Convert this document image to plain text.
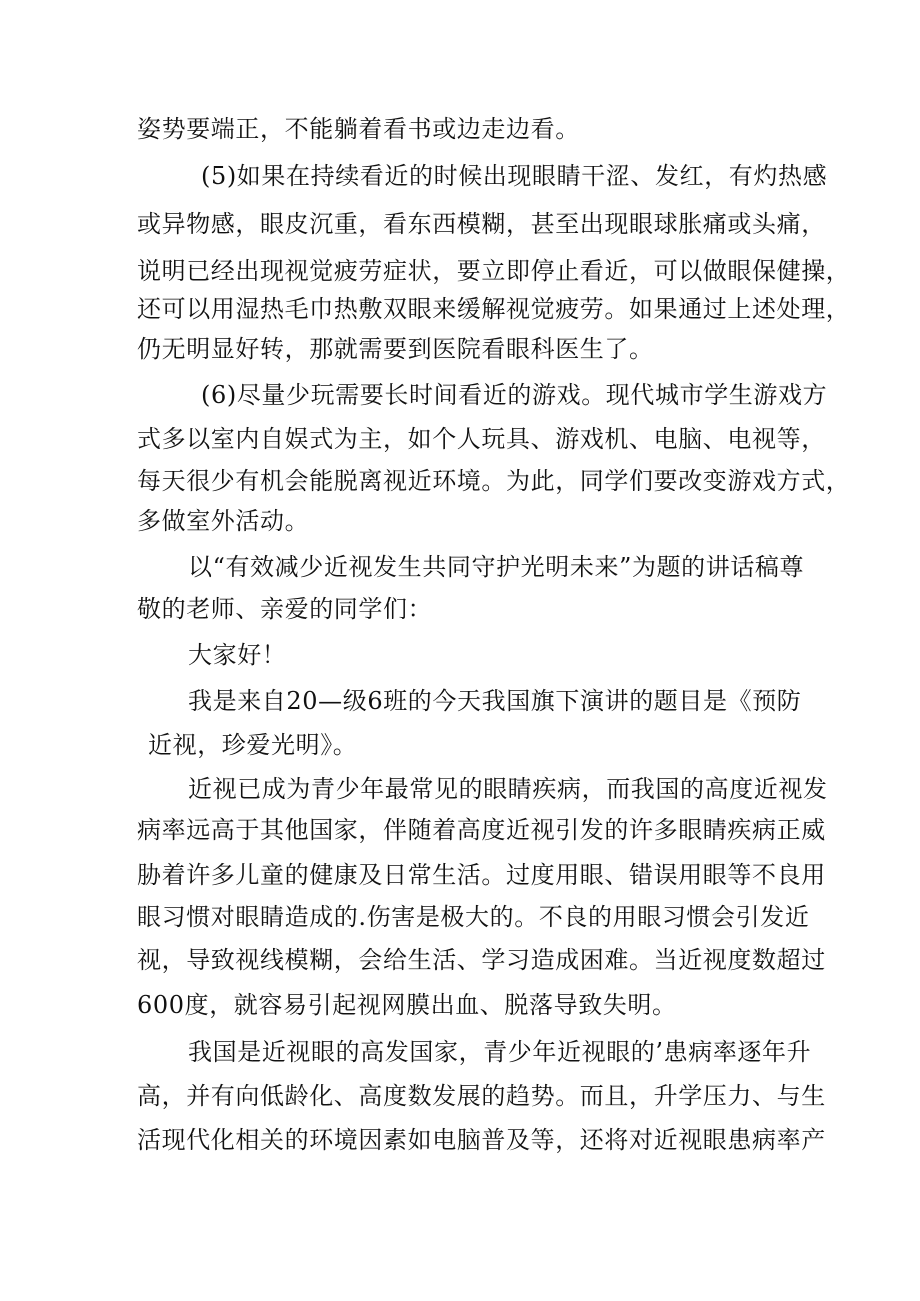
姿势要端正，不能躺着看书或边走边看。
(5)如果在持续看近的时候出现眼睛干涩、发红，有灼热感
或异物感，眼皮沉重，看东西模糊，甚至出现眼球胀痛或头痛，
说明已经出现视觉疲劳症状，要立即停止看近，可以做眼保健操，
还可以用湿热毛巾热敷双眼来缓解视觉疲劳。如果通过上述处理，
仍无明显好转，那就需要到医院看眼科医生了。
(6)尽量少玩需要长时间看近的游戏。现代城市学生游戏方
式多以室内自娱式为主，如个人玩具、游戏机、电脑、电视等，
每天很少有机会能脱离视近环境。为此，同学们要改变游戏方式，
多做室外活动。
以“有效减少近视发生共同守护光明未来”为题的讲话稿尊
敬的老师、亲爱的同学们：
大家好！
我是来自20—级6班的今天我国旗下演讲的题目是《预防
近视，珍爱光明》。
近视已成为青少年最常见的眼睛疾病，而我国的高度近视发
病率远高于其他国家，伴随着高度近视引发的许多眼睛疾病正威
胁着许多儿童的健康及日常生活。过度用眼、错误用眼等不良用
眼习惯对眼睛造成的.伤害是极大的。不良的用眼习惯会引发近
视，导致视线模糊，会给生活、学习造成困难。当近视度数超过
600度，就容易引起视网膜出血、脱落导致失明。
我国是近视眼的高发国家，青少年近视眼的’患病率逐年升
高，并有向低龄化、高度数发展的趋势。而且，升学压力、与生
活现代化相关的环境因素如电脑普及等，还将对近视眼患病率产
